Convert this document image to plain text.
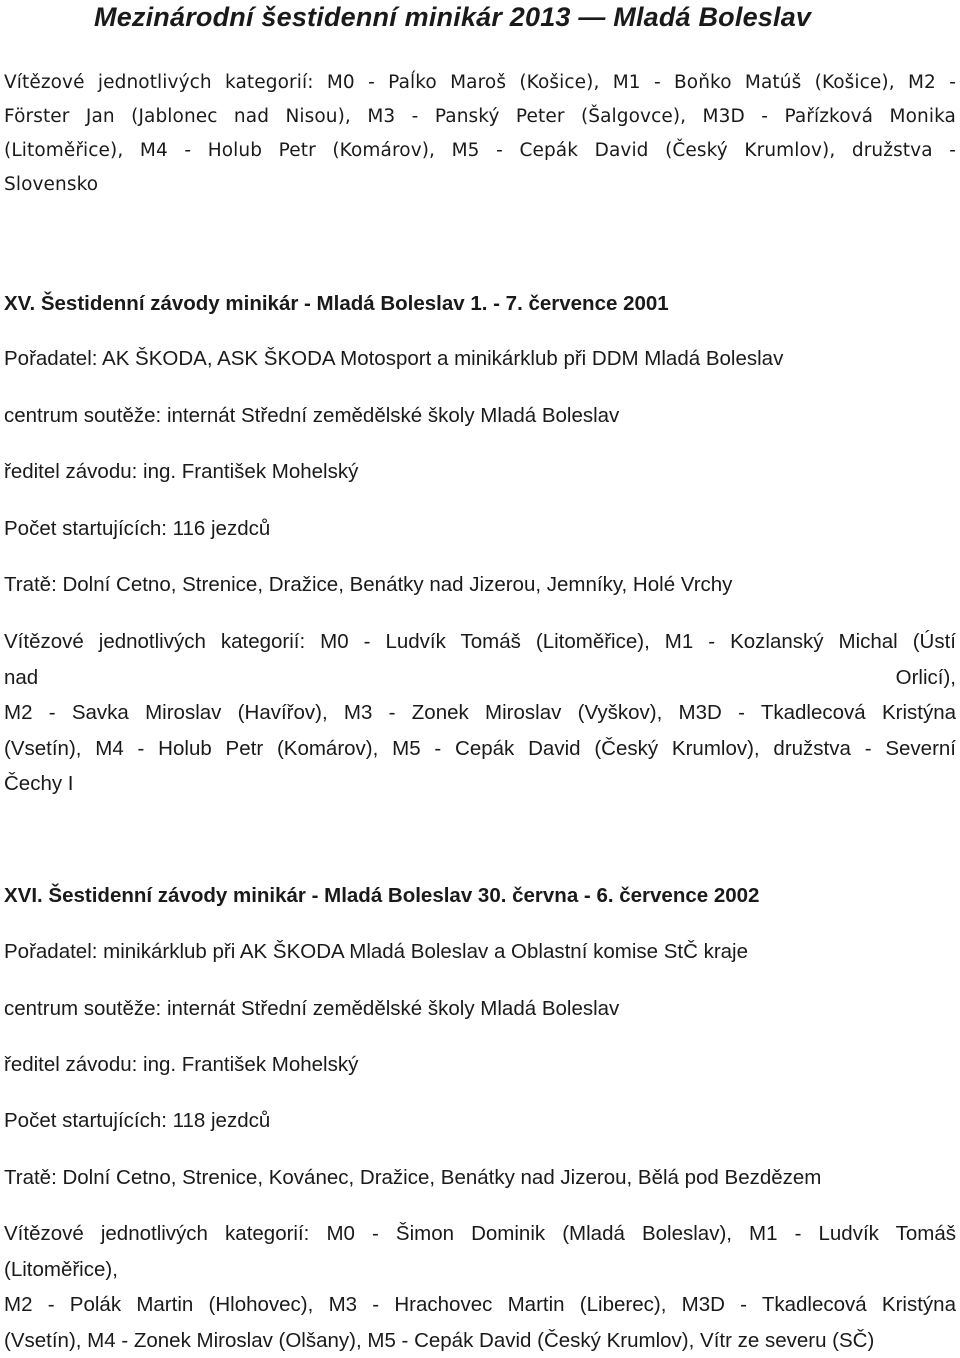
Mezinárodní šestidenní minikár 2013 — Mladá Boleslav
Vítězové jednotlivých kategorií: M0 - Paĺko Maroš (Košice), M1 - Boňko Matúš (Košice), M2 -
Förster Jan (Jablonec nad Nisou), M3 - Panský Peter (Šalgovce), M3D - Pařízková Monika
(Litoměřice), M4 - Holub Petr (Komárov), M5 - Cepák David (Český Krumlov), družstva -
Slovensko
XV. Šestidenní závody minikár - Mladá Boleslav 1. - 7. července 2001
Pořadatel: AK ŠKODA, ASK ŠKODA Motosport a minikárklub při DDM Mladá Boleslav
centrum soutěže: internát Střední zemědělské školy Mladá Boleslav
ředitel závodu: ing. František Mohelský
Počet startujících: 116 jezdců
Tratě: Dolní Cetno, Strenice, Dražice, Benátky nad Jizerou, Jemníky, Holé Vrchy
Vítězové jednotlivých kategorií: M0 - Ludvík Tomáš (Litoměřice), M1 - Kozlanský Michal (Ústí
nad Orlicí),
M2 - Savka Miroslav (Havířov), M3 - Zonek Miroslav (Vyškov), M3D - Tkadlecová Kristýna
(Vsetín), M4 - Holub Petr (Komárov), M5 - Cepák David (Český Krumlov), družstva - Severní
Čechy I
XVI. Šestidenní závody minikár - Mladá Boleslav 30. června - 6. července 2002
Pořadatel: minikárklub při AK ŠKODA Mladá Boleslav a Oblastní komise StČ kraje
centrum soutěže: internát Střední zemědělské školy Mladá Boleslav
ředitel závodu: ing. František Mohelský
Počet startujících: 118 jezdců
Tratě: Dolní Cetno, Strenice, Kovánec, Dražice, Benátky nad Jizerou, Bělá pod Bezdězem
Vítězové jednotlivých kategorií: M0 - Šimon Dominik (Mladá Boleslav), M1 - Ludvík Tomáš
(Litoměřice),
M2 - Polák Martin (Hlohovec), M3 - Hrachovec Martin (Liberec), M3D - Tkadlecová Kristýna
(Vsetín), M4 - Zonek Miroslav (Olšany), M5 - Cepák David (Český Krumlov), Vítr ze severu (SČ)
